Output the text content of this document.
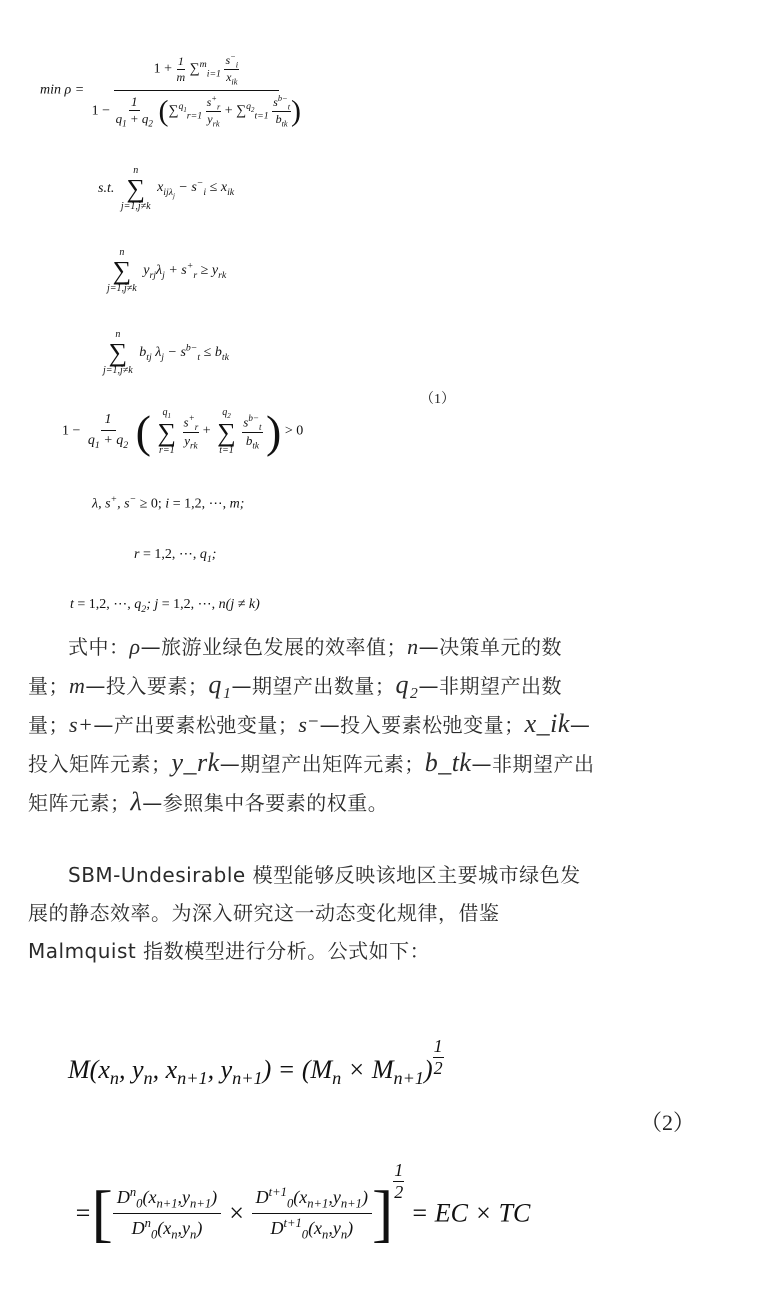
min ρ =
$1 + \frac{1}{m} \sum^m_{i=1} \frac{s^-_i}{x_{ik}}$
$1 - \frac{1}{q_1 + q_2} (\sum^{q_1}_{r=1} \frac{s^+_r}{y_{rk}} + \sum^{q_2}_{t=1} \frac{s^{b-}_t}{b_{tk}}$ )
s.t.
n
∑
j=1,j≠k
$x_{ij\lambda_j} - s^-_i \le x_{ik}$
n
∑
j=1,j≠k
$y_{rj}\lambda_j + s^+_r \ge y_{rk}$
n
∑
j=1,j≠k
$b_{tj}$ $\lambda_j - s^{b-}_t \le b_{tk}$
（1）
$1 - \frac{1}{q_1 + q_2}$ ( $q_1$
∑
r=1
$\frac{s^+_r}{y_{rk}}$ +
$q_2$
∑
t=1
$\frac{s^{b-}_t}{b_{tk}}$ ) > 0
λ, s+, s− ≥ 0; i = 1,2, ⋯, m;
r = 1,2, ⋯, $q_1$;
t = 1,2, ⋯, $q_2$; j = 1,2, ⋯, n(j ≠ k)
式中：ρ—旅游业绿色发展的效率值；n—决策单元的数量；m—投入要素；q₁—期望产出数量；q₂—非期望产出数量；s+—产出要素松弛变量；s⁻—投入要素松弛变量；x_ik—投入矩阵元素；y_rk—期望产出矩阵元素；b_tk—非期望产出矩阵元素；λ—参照集中各要素的权重。
SBM-Undesirable 模型能够反映该地区主要城市绿色发展的静态效率。为深入研究这一动态变化规律，借鉴 Malmquist 指数模型进行分析。公式如下：
$M(x_n$, $y_n$, $x_{n+1}$, $y_{n+1}) = (M_n \times M_{n+1})$ $^{\frac{1}{2}}$
（2）
=[ $\frac{D^n_0(x_{n+1},y_{n+1})}{D^n_0(x_n,y_n)} \times \frac{D^{t+1}_0(x_{n+1},y_{n+1})}{D^{t+1}_0(x_n,y_n)}$ ] $^{\frac{1}{2}}$
= EC × TC
